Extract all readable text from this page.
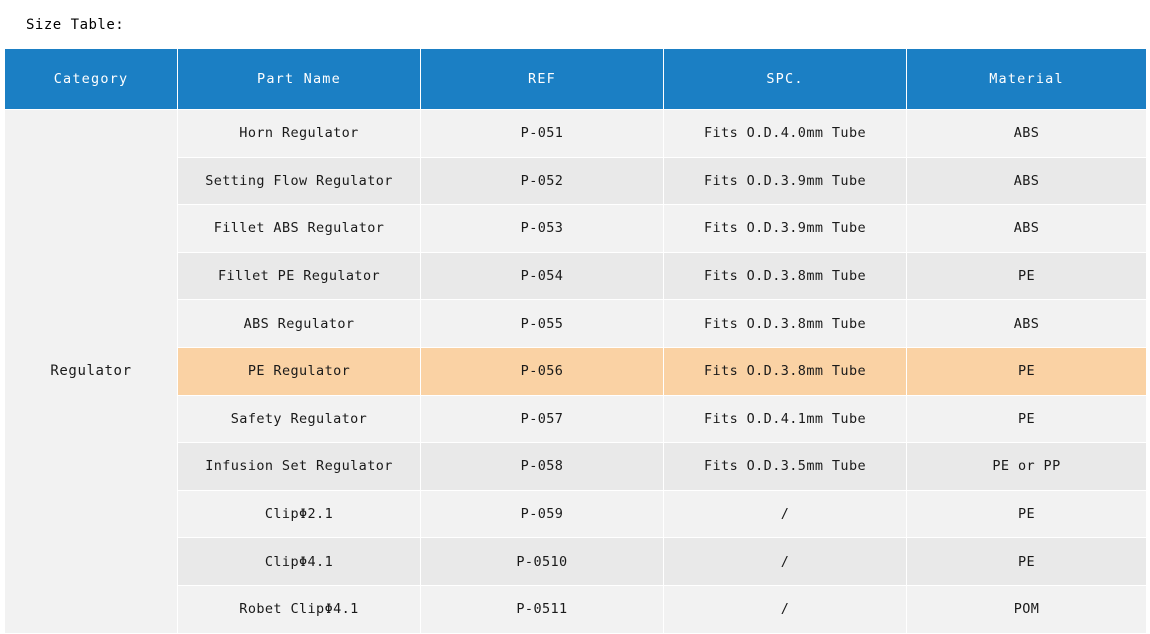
Size Table:
Category	Part Name	REF	SPC.	Material
Regulator	Horn Regulator	P-051	Fits O.D.4.0mm Tube	ABS
	Setting Flow Regulator	P-052	Fits O.D.3.9mm Tube	ABS
	Fillet ABS Regulator	P-053	Fits O.D.3.9mm Tube	ABS
	Fillet PE Regulator	P-054	Fits O.D.3.8mm Tube	PE
	ABS Regulator	P-055	Fits O.D.3.8mm Tube	ABS
	PE Regulator	P-056	Fits O.D.3.8mm Tube	PE
	Safety Regulator	P-057	Fits O.D.4.1mm Tube	PE
	Infusion Set Regulator	P-058	Fits O.D.3.5mm Tube	PE or PP
	ClipΦ2.1	P-059	/	PE
	ClipΦ4.1	P-0510	/	PE
	Robet ClipΦ4.1	P-0511	/	POM
